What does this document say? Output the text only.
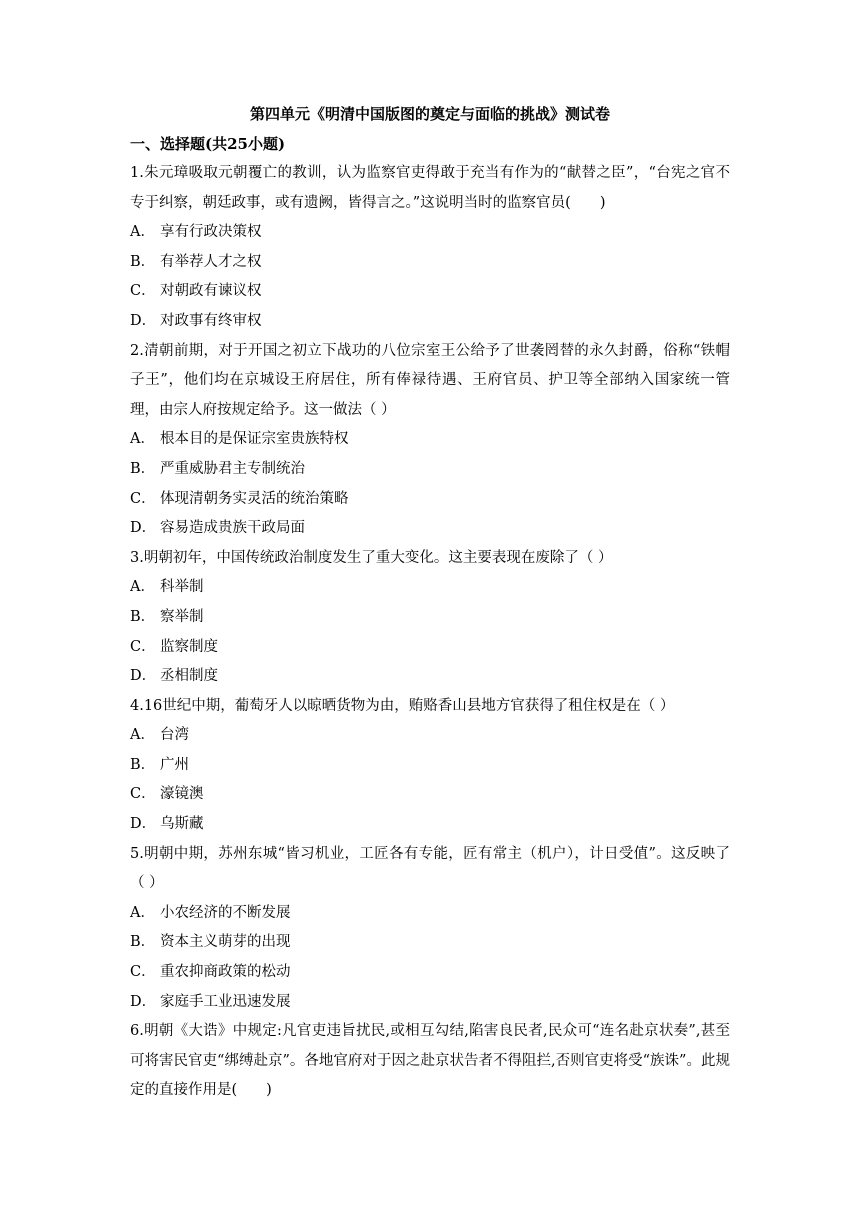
第四单元《明清中国版图的奠定与面临的挑战》测试卷
一、选择题(共25小题)

1.朱元璋吸取元朝覆亡的教训，认为监察官吏得敢于充当有作为的“献替之臣”，“台宪之官不专于纠察，朝廷政事，或有遗阙，皆得言之。”这说明当时的监察官员(　　)

A． 享有行政决策权
B． 有举荐人才之权
C． 对朝政有谏议权
D． 对政事有终审权

2.清朝前期，对于开国之初立下战功的八位宗室王公给予了世袭罔替的永久封爵，俗称“铁帽子王”，他们均在京城设王府居住，所有俸禄待遇、王府官员、护卫等全部纳入国家统一管理，由宗人府按规定给予。这一做法（ ）

A． 根本目的是保证宗室贵族特权
B． 严重威胁君主专制统治
C． 体现清朝务实灵活的统治策略
D． 容易造成贵族干政局面

3.明朝初年，中国传统政治制度发生了重大变化。这主要表现在废除了（ ）

A． 科举制
B． 察举制
C． 监察制度
D． 丞相制度

4.16世纪中期，葡萄牙人以晾晒货物为由，贿赂香山县地方官获得了租住权是在（ ）

A． 台湾
B． 广州
C． 濠镜澳
D． 乌斯藏

5.明朝中期，苏州东城“皆习机业，工匠各有专能，匠有常主（机户），计日受值”。这反映了（ ）

A． 小农经济的不断发展
B． 资本主义萌芽的出现
C． 重农抑商政策的松动
D． 家庭手工业迅速发展

6.明朝《大诰》中规定:凡官吏违旨扰民,或相互勾结,陷害良民者,民众可“连名赴京状奏”,甚至可将害民官吏“绑缚赴京”。各地官府对于因之赴京状告者不得阻拦,否则官吏将受“族诛”。此规定的直接作用是(　　)
